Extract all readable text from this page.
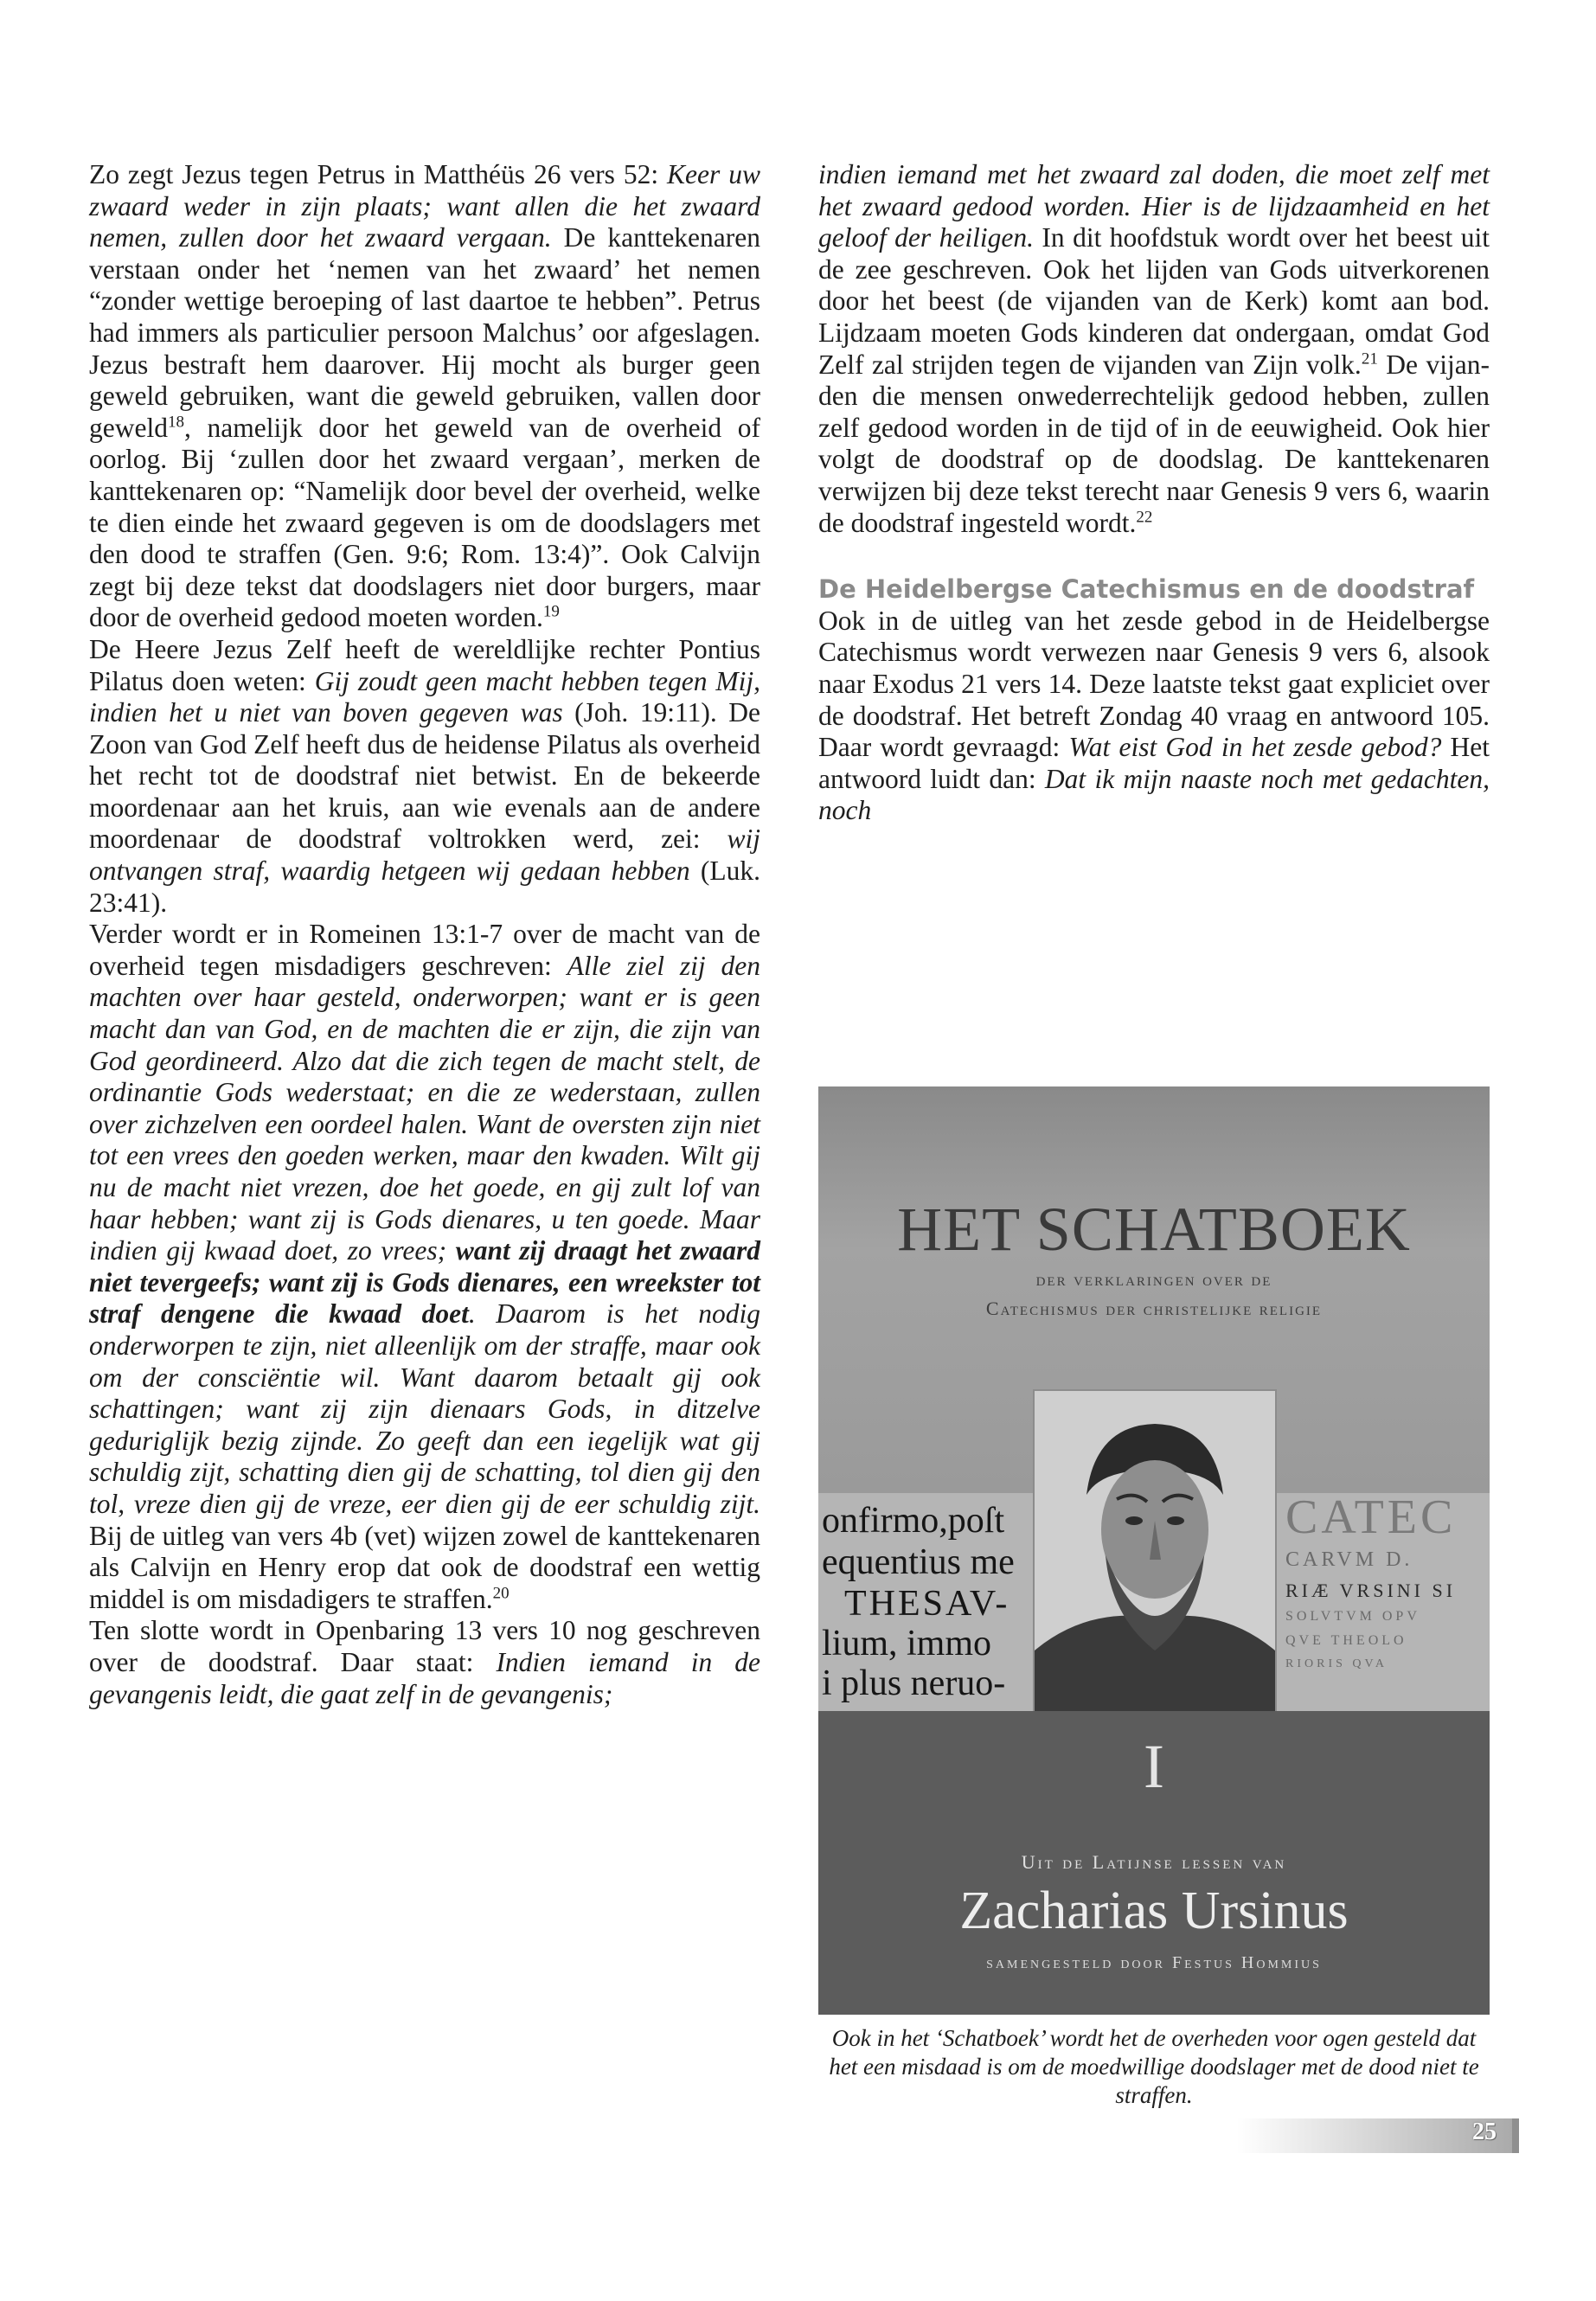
Zo zegt Jezus tegen Petrus in Matthéüs 26 vers 52: Keer uw zwaard weder in zijn plaats; want allen die het zwaard nemen, zullen door het zwaard vergaan. De kanttekenaren verstaan onder het ‘nemen van het zwaard’ het nemen “zonder wettige beroeping of last daartoe te hebben”. Petrus had immers als particulier persoon Malchus’ oor afgeslagen. Jezus bestraft hem daarover. Hij mocht als burger geen geweld gebruiken, want die geweld gebruiken, vallen door geweld$^{18}$, namelijk door het geweld van de overheid of oorlog. Bij ‘zullen door het zwaard vergaan’, merken de kanttekenaren op: “Namelijk door bevel der overheid, welke te dien einde het zwaard gegeven is om de doodslagers met den dood te straffen (Gen. 9:6; Rom. 13:4)”. Ook Calvijn zegt bij deze tekst dat doodslagers niet door burgers, maar door de overheid gedood moeten worden.$^{19}$

De Heere Jezus Zelf heeft de wereldlijke rechter Pontius Pilatus doen weten: Gij zoudt geen macht hebben tegen Mij, indien het u niet van boven gegeven was (Joh. 19:11). De Zoon van God Zelf heeft dus de heidense Pilatus als overheid het recht tot de doodstraf niet betwist. En de bekeerde moordenaar aan het kruis, aan wie evenals aan de andere moordenaar de doodstraf voltrokken werd, zei: wij ontvangen straf, waardig hetgeen wij gedaan hebben (Luk. 23:41).

Verder wordt er in Romeinen 13:1-7 over de macht van de overheid tegen misdadigers geschreven: Alle ziel zij den machten over haar gesteld, onderworpen; want er is geen macht dan van God, en de machten die er zijn, die zijn van God geordineerd. Alzo dat die zich tegen de macht stelt, de ordinantie Gods wederstaat; en die ze wederstaan, zullen over zichzelven een oordeel halen. Want de oversten zijn niet tot een vrees den goeden werken, maar den kwaden. Wilt gij nu de macht niet vrezen, doe het goede, en gij zult lof van haar hebben; want zij is Gods dienares, u ten goede. Maar indien gij kwaad doet, zo vrees; want zij draagt het zwaard niet tevergeefs; want zij is Gods dienares, een wreekster tot straf dengene die kwaad doet. Daarom is het nodig onderworpen te zijn, niet alleenlijk om der straffe, maar ook om der consciëntie wil. Want daarom betaalt gij ook schattingen; want zij zijn dienaars Gods, in ditzelve geduriglijk bezig zijnde. Zo geeft dan een iegelijk wat gij schuldig zijt, schatting dien gij de schatting, tol dien gij den tol, vreze dien gij de vreze, eer dien gij de eer schuldig zijt. Bij de uitleg van vers 4b (vet) wijzen zowel de kanttekenaren als Calvijn en Henry erop dat ook de doodstraf een wettig middel is om misdadigers te straffen.$^{20}$

Ten slotte wordt in Openbaring 13 vers 10 nog geschreven over de doodstraf. Daar staat: Indien iemand in de gevangenis leidt, die gaat zelf in de gevangenis;

indien iemand met het zwaard zal doden, die moet zelf met het zwaard gedood worden. Hier is de lijdzaamheid en het geloof der heiligen. In dit hoofdstuk wordt over het beest uit de zee geschreven. Ook het lijden van Gods uitverkorenen door het beest (de vijanden van de Kerk) komt aan bod. Lijdzaam moeten Gods kinderen dat ondergaan, omdat God Zelf zal strijden tegen de vijanden van Zijn volk.$^{21}$ De vijanden die mensen onwederrechtelijk gedood hebben, zullen zelf gedood worden in de tijd of in de eeuwigheid. Ook hier volgt de doodstraf op de doodslag. De kanttekenaren verwijzen bij deze tekst terecht naar Genesis 9 vers 6, waarin de doodstraf ingesteld wordt.$^{22}$

De Heidelbergse Catechismus en de doodstraf

Ook in de uitleg van het zesde gebod in de Heidelbergse Catechismus wordt verwezen naar Genesis 9 vers 6, alsook naar Exodus 21 vers 14. Deze laatste tekst gaat expliciet over de doodstraf. Het betreft Zondag 40 vraag en antwoord 105. Daar wordt gevraagd: Wat eist God in het zesde gebod? Het antwoord luidt dan: Dat ik mijn naaste noch met gedachten, noch

HET SCHATBOEK
der verklaringen over de
Catechismus der christelijke religie
onfirmo,poſt
equentius me
THESAV-
lium, immo
i plus neruo-
CATEC
CARVM D.
RIÆ VRSINI SI
SOLVTVM OPV
QVE THEOLO
RIORIS QVA
I
Uit de Latijnse lessen van
Zacharias Ursinus
samengesteld door Festus Hommius
Ook in het ‘Schatboek’ wordt het de overheden voor ogen gesteld dat het een misdaad is om de moedwillige doodslager met de dood niet te straffen.
25
